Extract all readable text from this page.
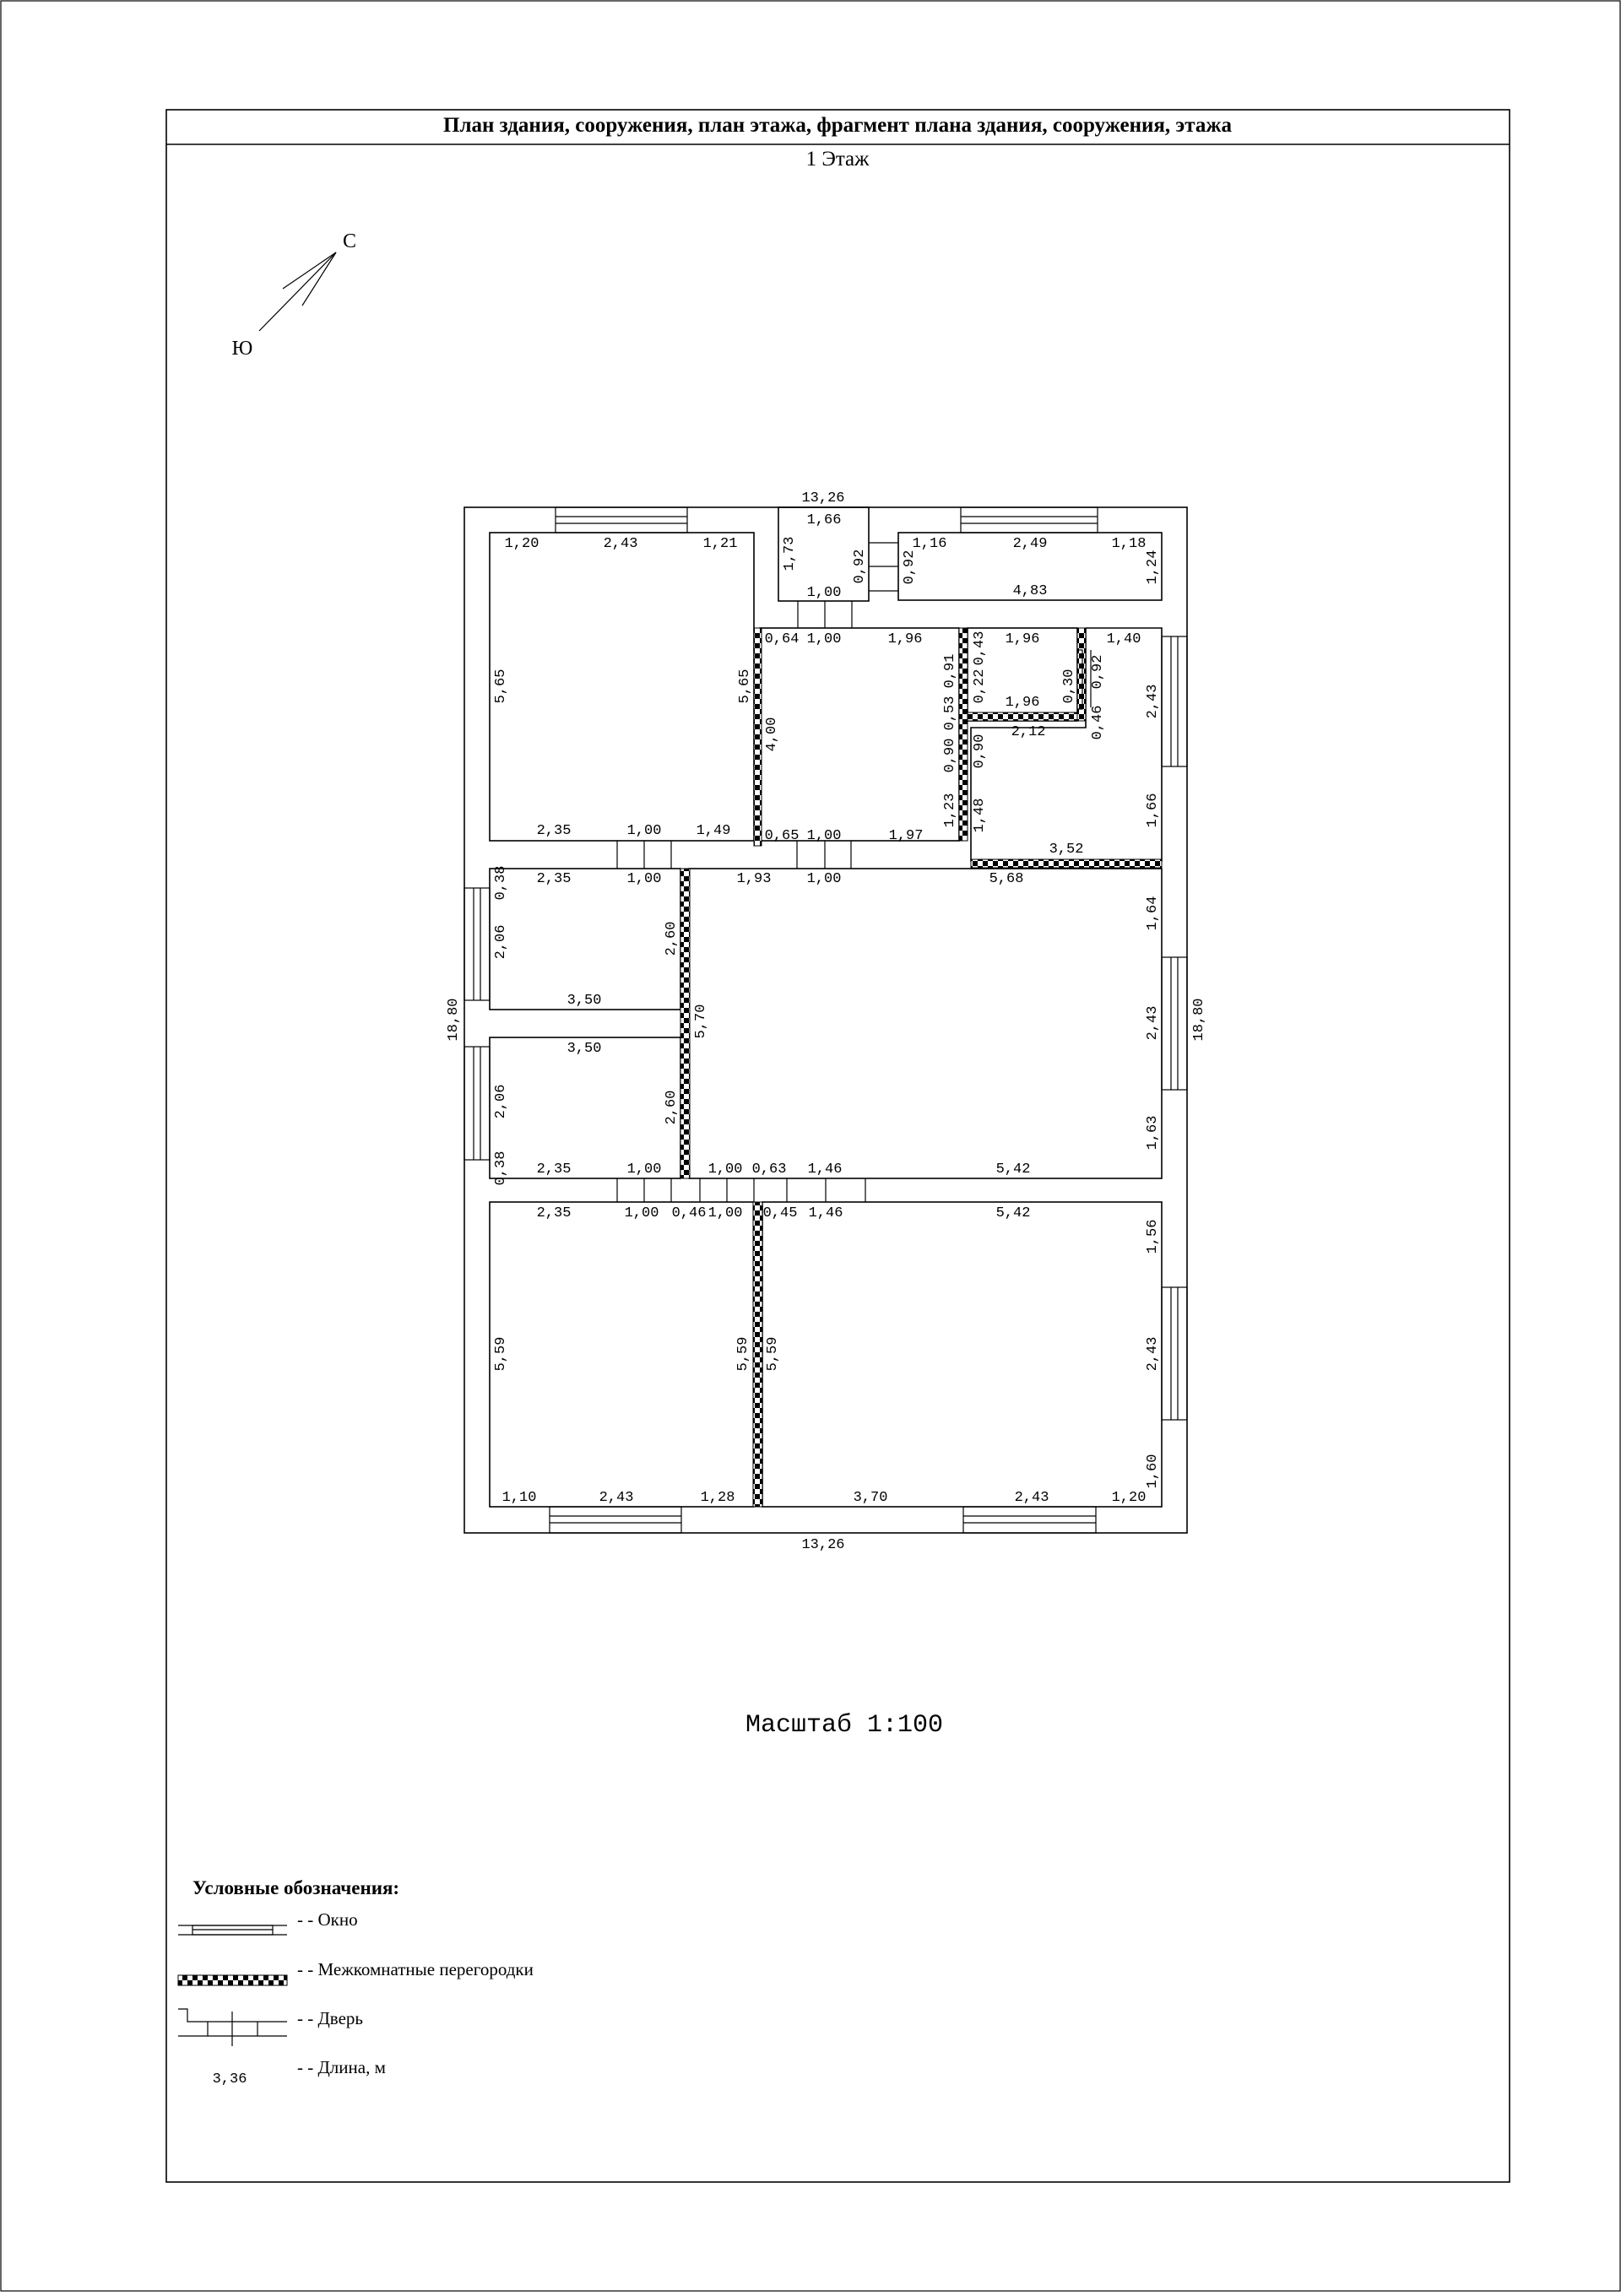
План здания, сооружения, план этажа, фрагмент плана здания, сооружения, этажа
1 Этаж
С
Ю
13,26
13,26
18,80	18,80
1,20	2,43	1,21
5,65	5,65
2,35	1,00 1,49
1,66
1,73	0,92
1,00
1,16	2,49	1,18
0,92	1,24
4,83
0,64 1,00	1,96
4,00
1,23
0,65 1,00	1,97
1,96
1,96
0,43
0,22	0,30
0,90
0,53
0,91
0,90
1,48
1,40
0,92
0,46
2,12
2,43
1,66
3,52
2,35	1,00
2,06
0,38
2,60
3,50
3,50
2,06
0,38
2,60
2,35	1,00
1,93 1,00	5,68
5,70
1,64
2,43
1,63
1,00 0,63 1,46	5,42
2,35	1,00 0,46 1,00
5,59	5,59
1,10	2,43	1,28
0,45 1,46	5,42
5,59
1,56
2,43
1,60
3,70	2,43	1,20
Масштаб 1:100
Условные обозначения:
- - Окно
- - Межкомнатные перегородки
- - Дверь
3,36
- - Длина, м
